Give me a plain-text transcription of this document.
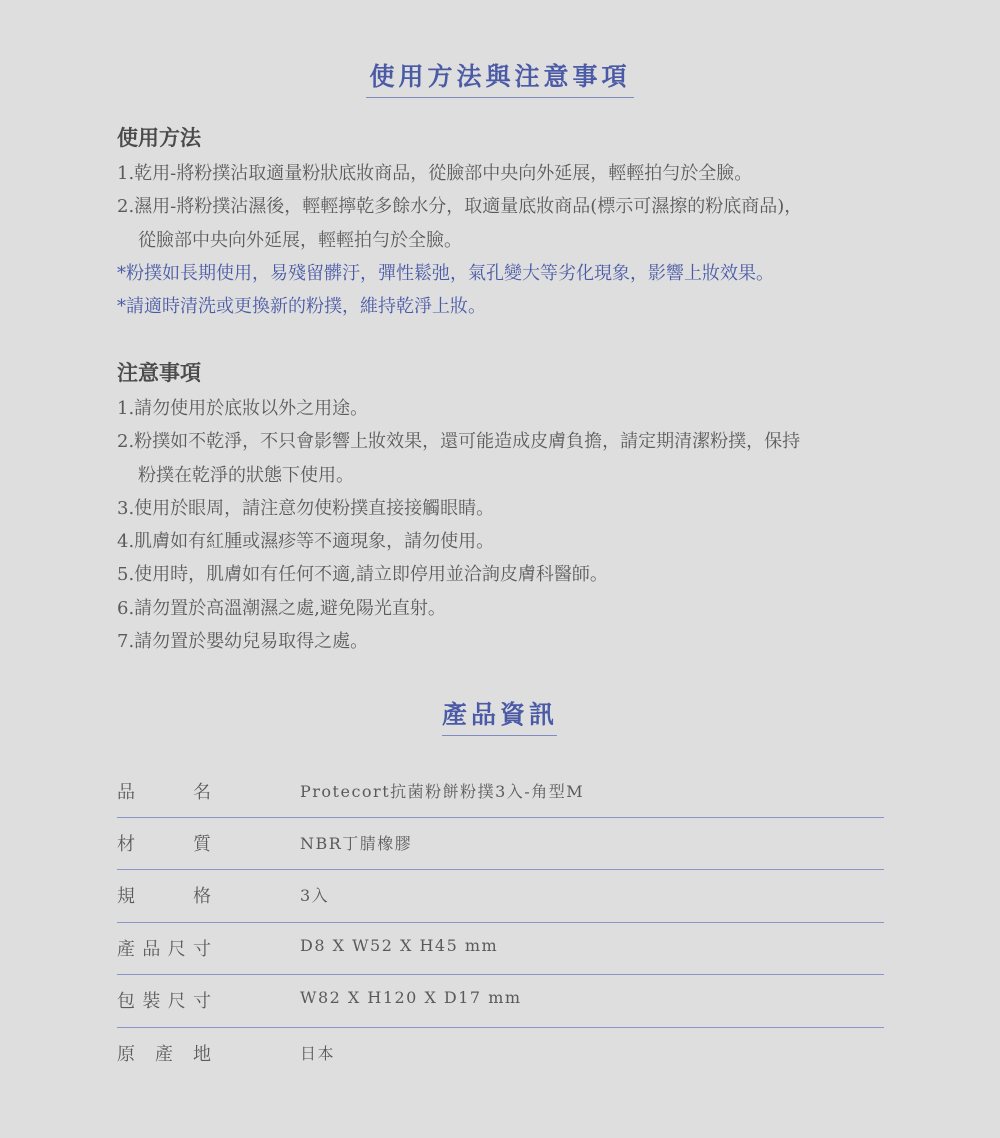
使用方法與注意事項
使用方法
1.乾用-將粉撲沾取適量粉狀底妝商品，從臉部中央向外延展，輕輕拍勻於全臉。
2.濕用-將粉撲沾濕後，輕輕擰乾多餘水分，取適量底妝商品(標示可濕擦的粉底商品)，
從臉部中央向外延展，輕輕拍勻於全臉。
*粉撲如長期使用，易殘留髒汙，彈性鬆弛，氣孔變大等劣化現象，影響上妝效果。
*請適時清洗或更換新的粉撲，維持乾淨上妝。
注意事項
1.請勿使用於底妝以外之用途。
2.粉撲如不乾淨，不只會影響上妝效果，還可能造成皮膚負擔，請定期清潔粉撲，保持
粉撲在乾淨的狀態下使用。
3.使用於眼周，請注意勿使粉撲直接接觸眼睛。
4.肌膚如有紅腫或濕疹等不適現象，請勿使用。
5.使用時，肌膚如有任何不適,請立即停用並洽詢皮膚科醫師。
6.請勿置於高溫潮濕之處,避免陽光直射。
7.請勿置於嬰幼兒易取得之處。
產品資訊
品	名	Protecort抗菌粉餅粉撲3入-角型M
材	質	NBR丁腈橡膠
規	格	3入
產 品 尺 寸	D8 X W52 X H45 mm
包 裝 尺 寸	W82 X H120 X D17 mm
原 產 地	日本
